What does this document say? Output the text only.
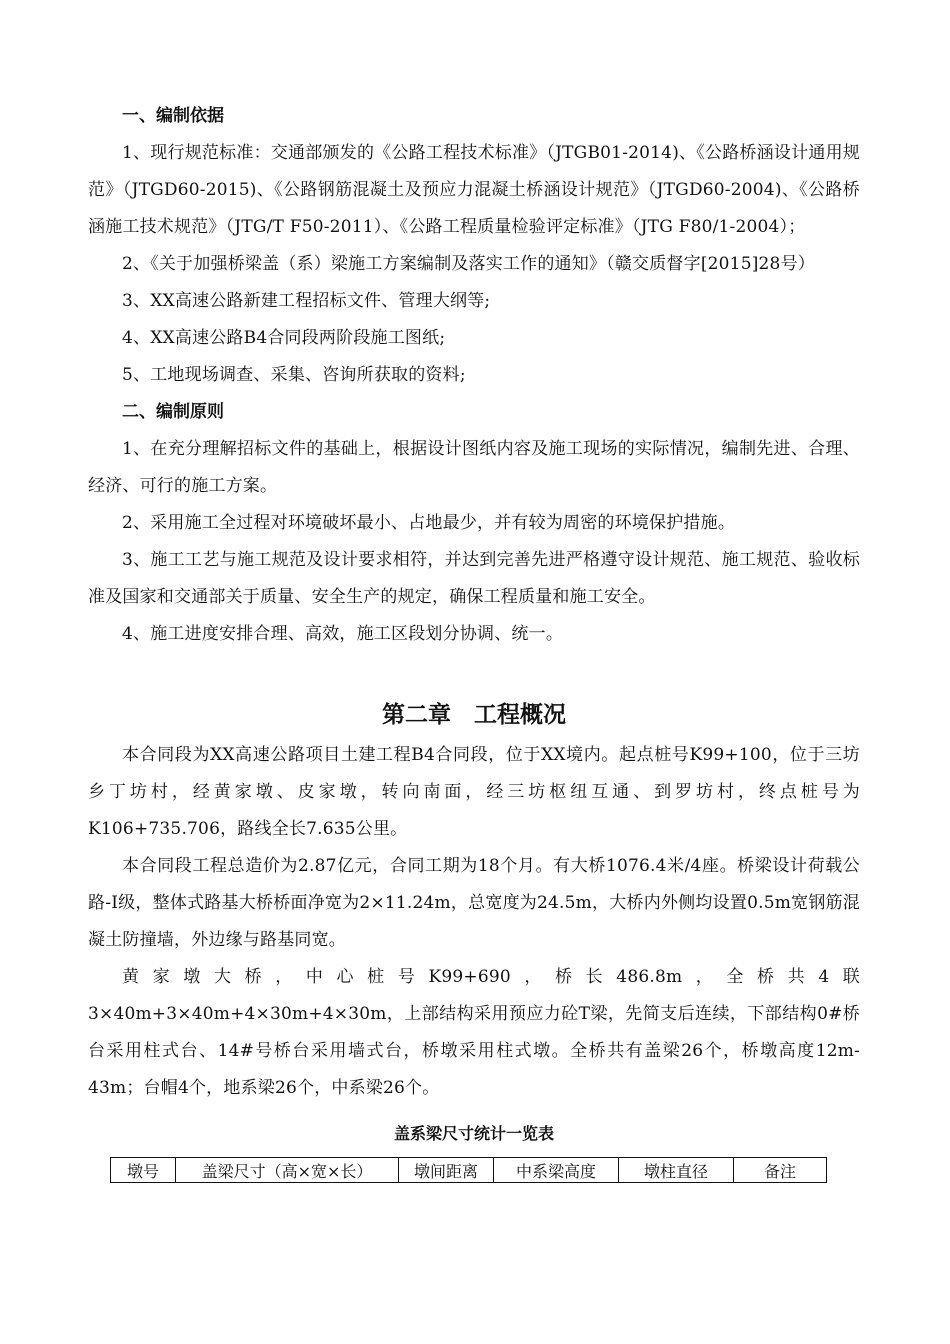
一、编制依据

1、现行规范标准：交通部颁发的《公路工程技术标准》（JTGB01-2014)、《公路桥涵设计通用规范》（JTGD60-2015)、《公路钢筋混凝土及预应力混凝土桥涵设计规范》（JTGD60-2004)、《公路桥涵施工技术规范》（JTG/T F50-2011）、《公路工程质量检验评定标准》（JTG F80/1-2004）；

2、《关于加强桥梁盖（系）梁施工方案编制及落实工作的通知》（赣交质督字[2015]28号）

3、XX高速公路新建工程招标文件、管理大纲等;

4、XX高速公路B4合同段两阶段施工图纸;

5、工地现场调查、采集、咨询所获取的资料;

二、编制原则

1、在充分理解招标文件的基础上，根据设计图纸内容及施工现场的实际情况，编制先进、合理、经济、可行的施工方案。

2、采用施工全过程对环境破坏最小、占地最少，并有较为周密的环境保护措施。

3、施工工艺与施工规范及设计要求相符，并达到完善先进严格遵守设计规范、施工规范、验收标准及国家和交通部关于质量、安全生产的规定，确保工程质量和施工安全。

4、施工进度安排合理、高效，施工区段划分协调、统一。

第二章　工程概况

本合同段为XX高速公路项目土建工程B4合同段，位于XX境内。起点桩号K99+100，位于三坊乡丁坊村，经黄家墩、皮家墩，转向南面，经三坊枢纽互通、到罗坊村，终点桩号为K106+735.706，路线全长7.635公里。

本合同段工程总造价为2.87亿元，合同工期为18个月。有大桥1076.4米/4座。桥梁设计荷载公路-Ⅰ级，整体式路基大桥桥面净宽为2×11.24m，总宽度为24.5m，大桥内外侧均设置0.5m宽钢筋混凝土防撞墙，外边缘与路基同宽。

黄家墩大桥，中心桩号K99+690，桥长486.8m，全桥共4联3×40m+3×40m+4×30m+4×30m，上部结构采用预应力砼T梁，先简支后连续，下部结构0#桥台采用柱式台、14#号桥台采用墙式台，桥墩采用柱式墩。全桥共有盖梁26个，桥墩高度12m-43m；台帽4个，地系梁26个，中系梁26个。

盖系梁尺寸统计一览表
墩号	盖梁尺寸（高×宽×长）	墩间距离	中系梁高度	墩柱直径	备注
